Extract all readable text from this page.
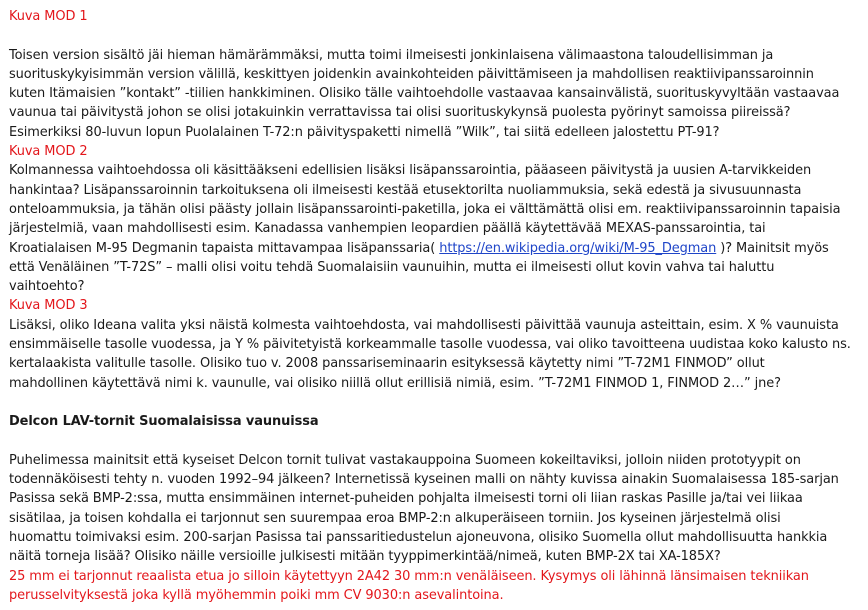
Kuva MOD 1
Toisen version sisältö jäi hieman hämärämmäksi, mutta toimi ilmeisesti jonkinlaisena välimaastona taloudellisimman ja
suorituskykyisimmän version välillä, keskittyen joidenkin avainkohteiden päivittämiseen ja mahdollisen reaktiivipanssaroinnin
kuten Itämaisien ”kontakt” -tiilien hankkiminen. Olisiko tälle vaihtoehdolle vastaavaa kansainvälistä, suorituskyvyltään vastaavaa
vaunua tai päivitystä johon se olisi jotakuinkin verrattavissa tai olisi suorituskykynsä puolesta pyörinyt samoissa piireissä?
Esimerkiksi 80-luvun lopun Puolalainen T-72:n päivityspaketti nimellä ”Wilk”, tai siitä edelleen jalostettu PT-91?
Kuva MOD 2
Kolmannessa vaihtoehdossa oli käsittääkseni edellisien lisäksi lisäpanssarointia, pääaseen päivitystä ja uusien A-tarvikkeiden
hankintaa? Lisäpanssaroinnin tarkoituksena oli ilmeisesti kestää etusektorilta nuoliammuksia, sekä edestä ja sivusuunnasta
onteloammuksia, ja tähän olisi päästy jollain lisäpanssarointi-paketilla, joka ei välttämättä olisi em. reaktiivipanssaroinnin tapaisia
järjestelmiä, vaan mahdollisesti esim. Kanadassa vanhempien leopardien päällä käytettävää MEXAS-panssarointia, tai
Kroatialaisen M-95 Degmanin tapaista mittavampaa lisäpanssaria( https://en.wikipedia.org/wiki/M-95_Degman )? Mainitsit myös
että Venäläinen ”T-72S” – malli olisi voitu tehdä Suomalaisiin vaunuihin, mutta ei ilmeisesti ollut kovin vahva tai haluttu
vaihtoehto?
Kuva MOD 3
Lisäksi, oliko Ideana valita yksi näistä kolmesta vaihtoehdosta, vai mahdollisesti päivittää vaunuja asteittain, esim. X % vaunuista
ensimmäiselle tasolle vuodessa, ja Y % päivitetyistä korkeammalle tasolle vuodessa, vai oliko tavoitteena uudistaa koko kalusto ns.
kertalaakista valitulle tasolle. Olisiko tuo v. 2008 panssariseminaarin esityksessä käytetty nimi ”T-72M1 FINMOD” ollut
mahdollinen käytettävä nimi k. vaunulle, vai olisiko niillä ollut erillisiä nimiä, esim. ”T-72M1 FINMOD 1, FINMOD 2…” jne?
Delcon LAV-tornit Suomalaisissa vaunuissa
Puhelimessa mainitsit että kyseiset Delcon tornit tulivat vastakauppoina Suomeen kokeiltaviksi, jolloin niiden prototyypit on
todennäköisesti tehty n. vuoden 1992–94 jälkeen? Internetissä kyseinen malli on nähty kuvissa ainakin Suomalaisessa 185-sarjan
Pasissa sekä BMP-2:ssa, mutta ensimmäinen internet-puheiden pohjalta ilmeisesti torni oli liian raskas Pasille ja/tai vei liikaa
sisätilaa, ja toisen kohdalla ei tarjonnut sen suurempaa eroa BMP-2:n alkuperäiseen torniin. Jos kyseinen järjestelmä olisi
huomattu toimivaksi esim. 200-sarjan Pasissa tai panssaritiedustelun ajoneuvona, olisiko Suomella ollut mahdollisuutta hankkia
näitä torneja lisää? Olisiko näille versioille julkisesti mitään tyyppimerkintää/nimeä, kuten BMP-2X tai XA-185X?
25 mm ei tarjonnut reaalista etua jo silloin käytettyyn 2A42 30 mm:n venäläiseen. Kysymys oli lähinnä länsimaisen tekniikan
perusselvityksestä joka kyllä myöhemmin poiki mm CV 9030:n asevalintoina.
